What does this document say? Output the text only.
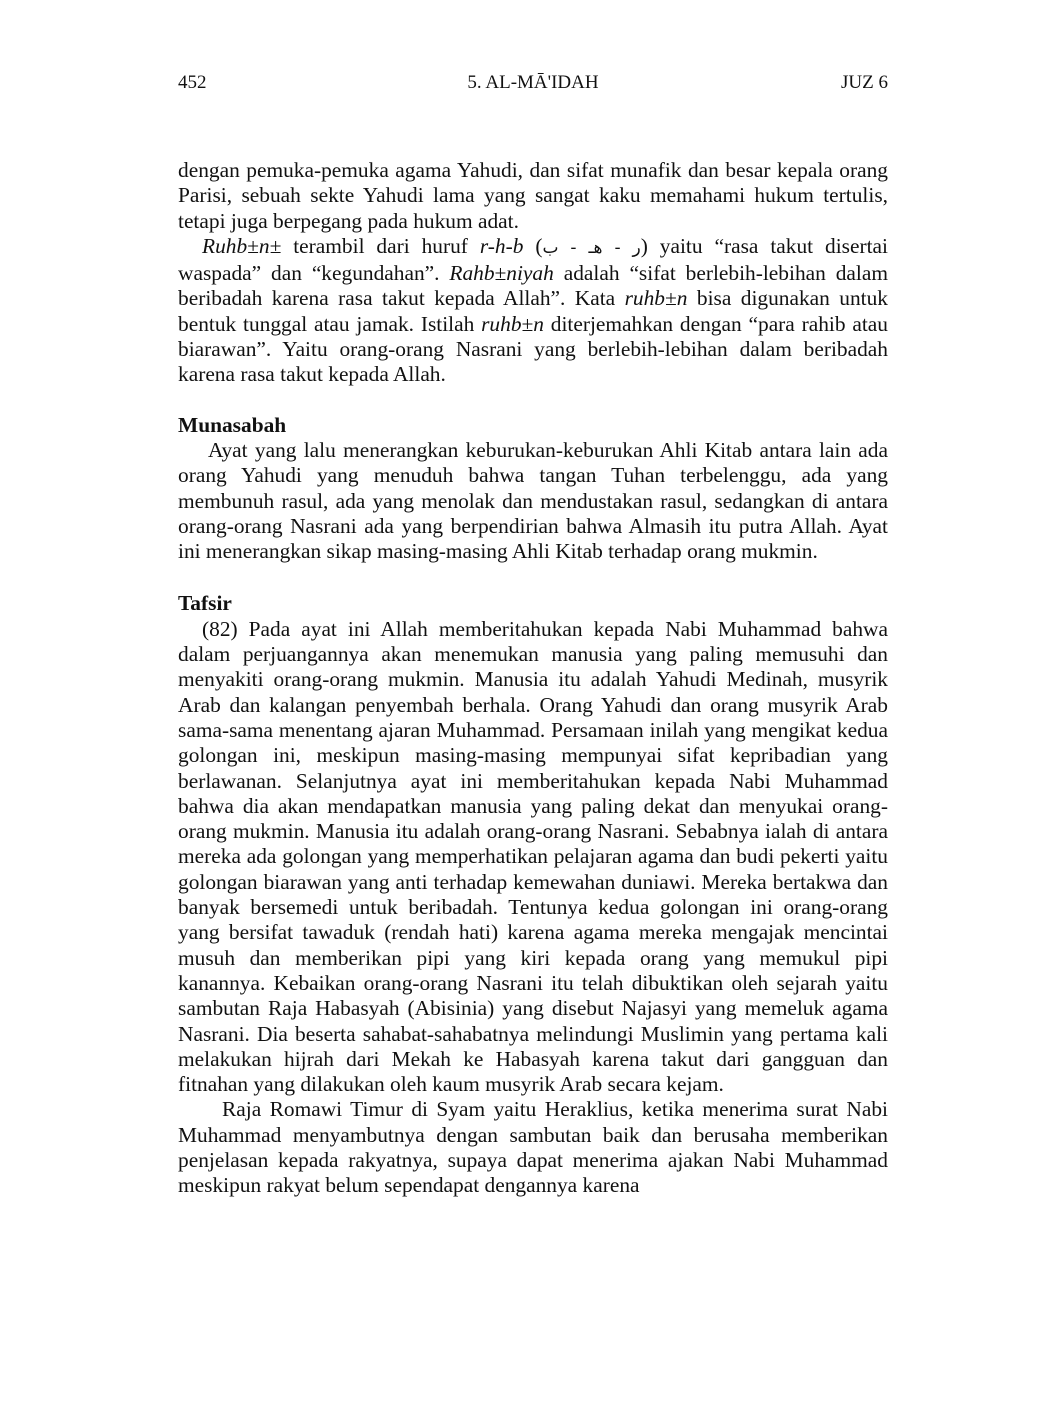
452	5. AL-MĀ'IDAH	JUZ 6

dengan pemuka-pemuka agama Yahudi, dan sifat munafik dan besar kepala orang Parisi, sebuah sekte Yahudi lama yang sangat kaku memahami hukum tertulis, tetapi juga berpegang pada hukum adat.

Ruhb±n± terambil dari huruf r-h-b (ر - هـ - ب) yaitu “rasa takut disertai waspada” dan “kegundahan”. Rahb±niyah adalah “sifat berlebih-lebihan dalam beribadah karena rasa takut kepada Allah”. Kata ruhb±n bisa digunakan untuk bentuk tunggal atau jamak. Istilah ruhb±n diterjemahkan dengan “para rahib atau biarawan”. Yaitu orang-orang Nasrani yang berlebih-lebihan dalam beribadah karena rasa takut kepada Allah.

Munasabah

Ayat yang lalu menerangkan keburukan-keburukan Ahli Kitab antara lain ada orang Yahudi yang menuduh bahwa tangan Tuhan terbelenggu, ada yang membunuh rasul, ada yang menolak dan mendustakan rasul, sedangkan di antara orang-orang Nasrani ada yang berpendirian bahwa Almasih itu putra Allah. Ayat ini menerangkan sikap masing-masing Ahli Kitab terhadap orang mukmin.

Tafsir

(82) Pada ayat ini Allah memberitahukan kepada Nabi Muhammad bahwa dalam perjuangannya akan menemukan manusia yang paling memusuhi dan menyakiti orang-orang mukmin. Manusia itu adalah Yahudi Medinah, musyrik Arab dan kalangan penyembah berhala. Orang Yahudi dan orang musyrik Arab sama-sama menentang ajaran Muhammad. Persamaan inilah yang mengikat kedua golongan ini, meskipun masing-masing mempunyai sifat kepribadian yang berlawanan. Selanjutnya ayat ini memberitahukan kepada Nabi Muhammad bahwa dia akan mendapatkan manusia yang paling dekat dan menyukai orang-orang mukmin. Manusia itu adalah orang-orang Nasrani. Sebabnya ialah di antara mereka ada golongan yang memperhatikan pelajaran agama dan budi pekerti yaitu golongan biarawan yang anti terhadap kemewahan duniawi. Mereka bertakwa dan banyak bersemedi untuk beribadah. Tentunya kedua golongan ini orang-orang yang bersifat tawaduk (rendah hati) karena agama mereka mengajak mencintai musuh dan memberikan pipi yang kiri kepada orang yang memukul pipi kanannya. Kebaikan orang-orang Nasrani itu telah dibuktikan oleh sejarah yaitu sambutan Raja Habasyah (Abisinia) yang disebut Najasyi yang memeluk agama Nasrani. Dia beserta sahabat-sahabatnya melindungi Muslimin yang pertama kali melakukan hijrah dari Mekah ke Habasyah karena takut dari gangguan dan fitnahan yang dilakukan oleh kaum musyrik Arab secara kejam.

Raja Romawi Timur di Syam yaitu Heraklius, ketika menerima surat Nabi Muhammad menyambutnya dengan sambutan baik dan berusaha memberikan penjelasan kepada rakyatnya, supaya dapat menerima ajakan Nabi Muhammad meskipun rakyat belum sependapat dengannya karena
